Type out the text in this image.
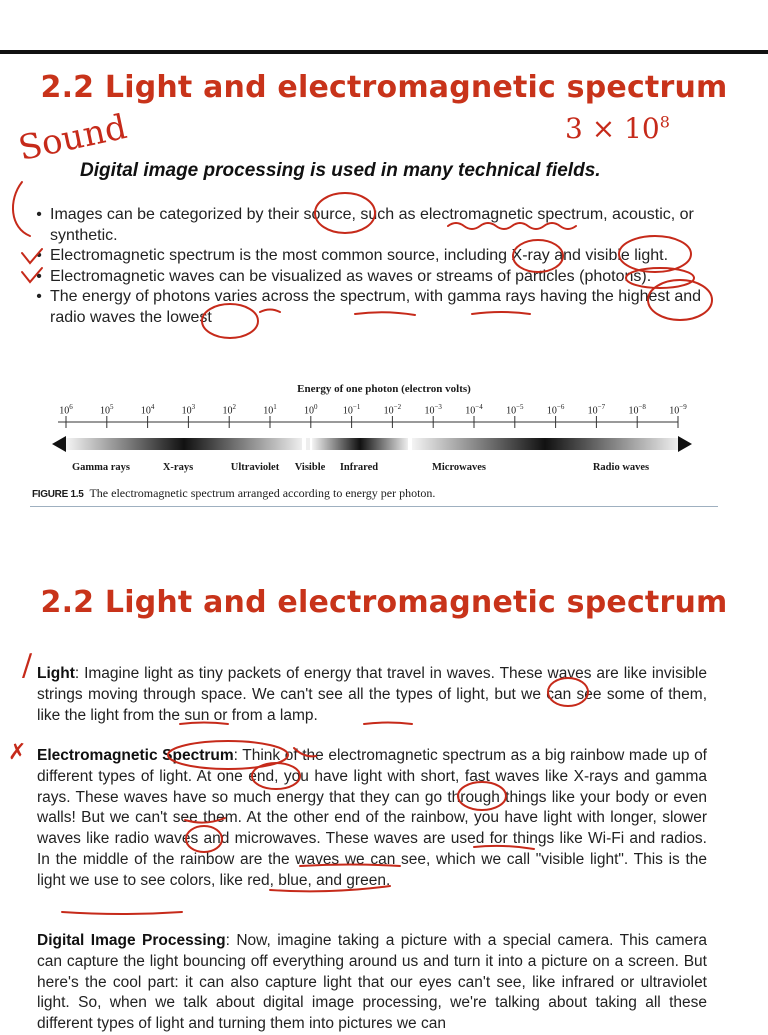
2.2 Light and electromagnetic spectrum
Sound	$3 \times 10^8$
Digital image processing is used in many technical fields.
• Images can be categorized by their source, such as electromagnetic spectrum, acoustic, or synthetic.
• Electromagnetic spectrum is the most common source, including X-ray and visible light.
• Electromagnetic waves can be visualized as waves or streams of particles (photons).
• The energy of photons varies across the spectrum, with gamma rays having the highest and radio waves the lowest
Energy of one photon (electron volts)
$10^6$	$10^5$	$10^4$	$10^3$	$10^2$	$10^1$	$10^0$	$10^{-1}$ $10^{-2}$ $10^{-3}$ $10^{-4}$ $10^{-5}$ $10^{-6}$ $10^{-7}$ $10^{-8}$ $10^{-9}$
Gamma rays	X-rays	Ultraviolet Visible Infrared	Microwaves	Radio waves
FIGURE 1.5 The electromagnetic spectrum arranged according to energy per photon.
2.2 Light and electromagnetic spectrum
/
✗
Light: Imagine light as tiny packets of energy that travel in waves. These waves are like invisible strings moving through space. We can't see all the types of light, but we can see some of them, like the light from the sun or from a lamp.
Electromagnetic Spectrum: Think of the electromagnetic spectrum as a big rainbow made up of different types of light. At one end, you have light with short, fast waves like X-rays and gamma rays. These waves have so much energy that they can go through things like your body or even walls! But we can't see them. At the other end of the rainbow, you have light with longer, slower waves like radio waves and microwaves. These waves are used for things like Wi-Fi and radios. In the middle of the rainbow are the waves we can see, which we call "visible light". This is the light we use to see colors, like red, blue, and green.
Digital Image Processing: Now, imagine taking a picture with a special camera. This camera can capture the light bouncing off everything around us and turn it into a picture on a screen. But here's the cool part: it can also capture light that our eyes can't see, like infrared or ultraviolet light. So, when we talk about digital image processing, we're talking about taking all these different types of light and turning them into pictures we can
